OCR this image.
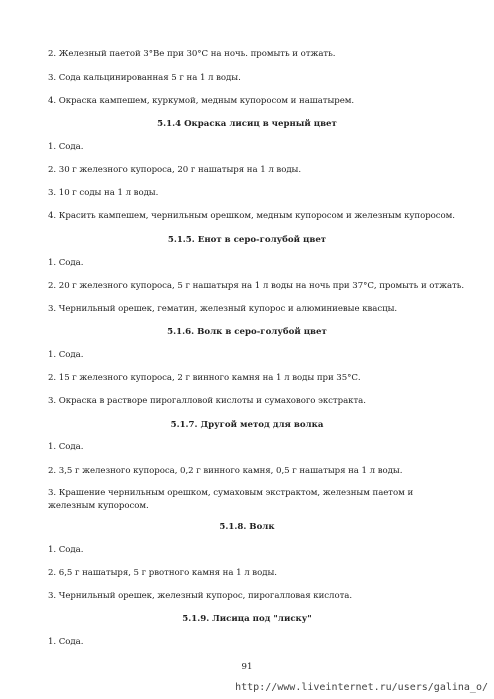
2. Железный паетой 3°Ве при 30°С на ночь. промыть и отжать.
3. Сода кальцинированная 5 г на 1 л воды.
4. Окраска кампешем, куркумой, медным купоросом и нашатырем.
5.1.4 Окраска лисиц в черный цвет
1. Сода.
2. 30 г железного купороса, 20 г нашатыря на 1 л воды.
3. 10 г соды на 1 л воды.
4. Красить кампешем, чернильным орешком, медным купоросом и железным купоросом.
5.1.5. Енот в серо-голубой цвет
1. Сода.
2. 20 г железного купороса, 5 г нашатыря на 1 л воды на ночь при 37°С, промыть и отжать.
3. Чернильный орешек, гематин, железный купорос и алюминиевые квасцы.
5.1.6. Волк в серо-голубой цвет
1. Сода.
2. 15 г железного купороса, 2 г винного камня на 1 л воды при 35°С.
3. Окраска в растворе пирогалловой кислоты и сумахового экстракта.
5.1.7. Другой метод для волка
1. Сода.
2. 3,5 г железного купороса, 0,2 г винного камня, 0,5 г нашатыря на 1 л воды.
3. Крашение чернильным орешком, сумаховым экстрактом, железным паетом и железным купоросом.
5.1.8. Волк
1. Сода.
2. 6,5 г нашатыря, 5 г рвотного камня на 1 л воды.
3. Чернильный орешек, железный купорос, пирогалловая кислота.
5.1.9. Лисица под "лиску"
1. Сода.
91
http://www.liveinternet.ru/users/galina_o/
